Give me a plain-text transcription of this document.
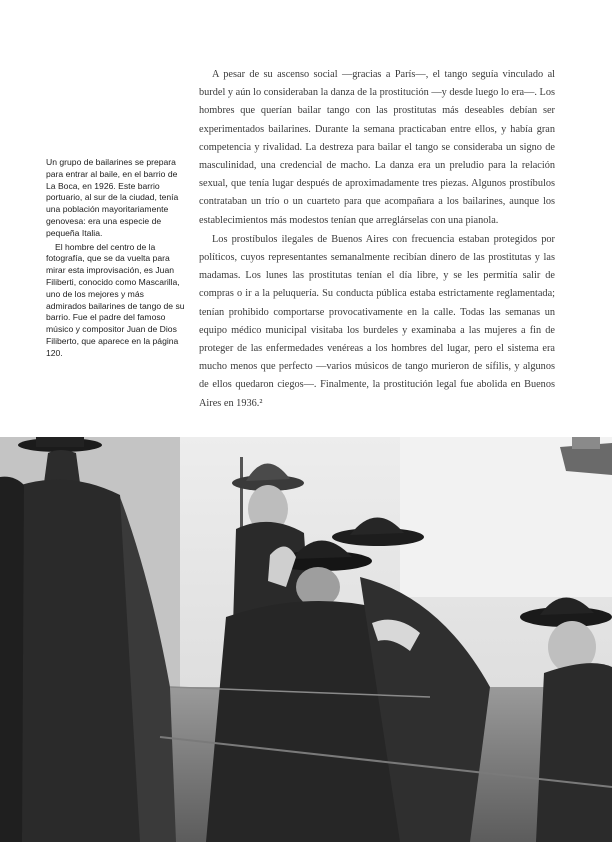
Un grupo de bailarines se prepara para entrar al baile, en el barrio de La Boca, en 1926. Este barrio portuario, al sur de la ciudad, tenía una población mayoritariamente genovesa: era una especie de pequeña Italia.

El hombre del centro de la fotografía, que se da vuelta para mirar esta improvisación, es Juan Filiberti, conocido como Mascarilla, uno de los mejores y más admirados bailarines de tango de su barrio. Fue el padre del famoso músico y compositor Juan de Dios Filiberto, que aparece en la página 120.

A pesar de su ascenso social —gracias a París—, el tango seguía vinculado al burdel y aún lo consideraban la danza de la prostitución —y desde luego lo era—. Los hombres que querían bailar tango con las prostitutas más deseables debían ser experimentados bailarines. Durante la semana practicaban entre ellos, y había gran competencia y rivalidad. La destreza para bailar el tango se consideraba un signo de masculinidad, una credencial de macho. La danza era un preludio para la relación sexual, que tenía lugar después de aproximadamente tres piezas. Algunos prostíbulos contrataban un trío o un cuarteto para que acompañara a los bailarines, aunque los establecimientos más modestos tenían que arreglárselas con una pianola.

Los prostíbulos ilegales de Buenos Aires con frecuencia estaban protegidos por políticos, cuyos representantes semanalmente recibían dinero de las prostitutas y las madamas. Los lunes las prostitutas tenían el día libre, y se les permitía salir de compras o ir a la peluquería. Su conducta pública estaba estrictamente reglamentada; tenían prohibido comportarse provocativamente en la calle. Todas las semanas un equipo médico municipal visitaba los burdeles y examinaba a las mujeres a fin de proteger de las enfermedades venéreas a los hombres del lugar, pero el sistema era mucho menos que perfecto —varios músicos de tango murieron de sífilis, y algunos de ellos quedaron ciegos—. Finalmente, la prostitución legal fue abolida en Buenos Aires en 1936.²
